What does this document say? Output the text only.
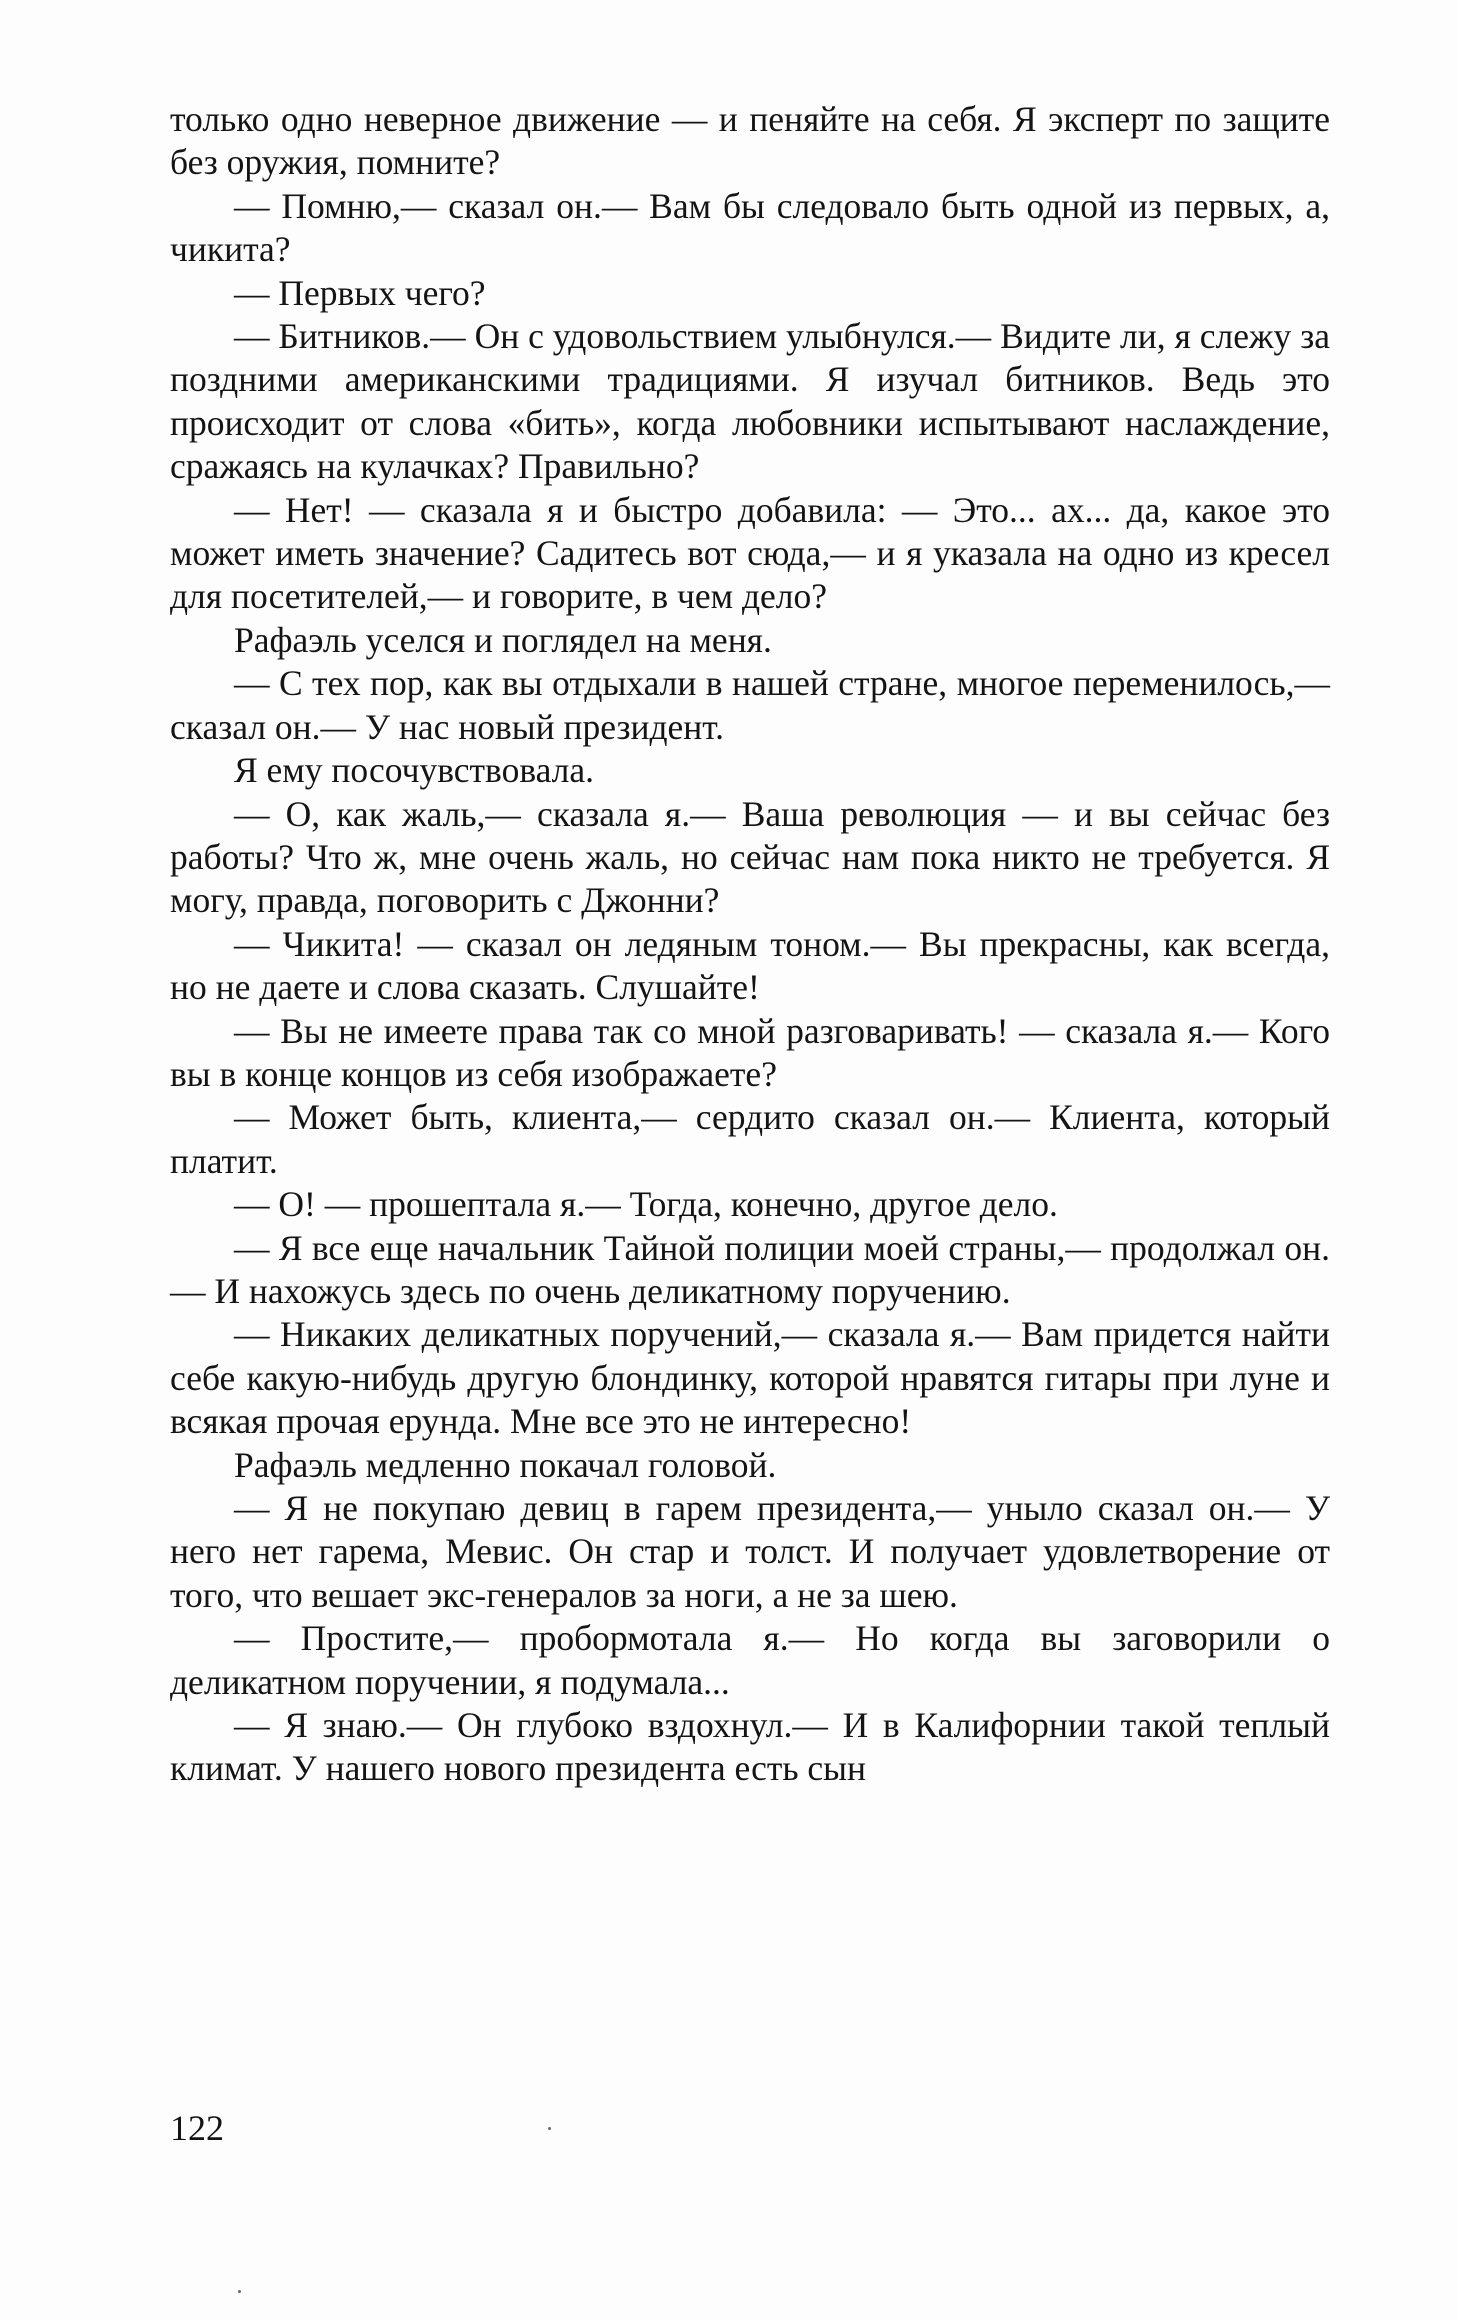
только одно неверное движение — и пеняйте на себя. Я эксперт по защите без оружия, помните?

— Помню,— сказал он.— Вам бы следовало быть одной из первых, а, чикита?

— Первых чего?

— Битников.— Он с удовольствием улыбнулся.— Видите ли, я слежу за поздними американскими традициями. Я изучал битников. Ведь это происходит от слова «бить», когда любовники испытывают наслаждение, сражаясь на кулачках? Правильно?

— Нет! — сказала я и быстро добавила: — Это... ах... да, какое это может иметь значение? Садитесь вот сюда,— и я указала на одно из кресел для посетителей,— и говорите, в чем дело?

Рафаэль уселся и поглядел на меня.

— С тех пор, как вы отдыхали в нашей стране, многое переменилось,— сказал он.— У нас новый президент.

Я ему посочувствовала.

— О, как жаль,— сказала я.— Ваша революция — и вы сейчас без работы? Что ж, мне очень жаль, но сейчас нам пока никто не требуется. Я могу, правда, поговорить с Джонни?

— Чикита! — сказал он ледяным тоном.— Вы прекрасны, как всегда, но не даете и слова сказать. Слушайте!

— Вы не имеете права так со мной разговаривать! — сказала я.— Кого вы в конце концов из себя изображаете?

— Может быть, клиента,— сердито сказал он.— Клиента, который платит.

— О! — прошептала я.— Тогда, конечно, другое дело.

— Я все еще начальник Тайной полиции моей страны,— продолжал он.— И нахожусь здесь по очень деликатному поручению.

— Никаких деликатных поручений,— сказала я.— Вам придется найти себе какую-нибудь другую блондинку, которой нравятся гитары при луне и всякая прочая ерунда. Мне все это не интересно!

Рафаэль медленно покачал головой.

— Я не покупаю девиц в гарем президента,— уныло сказал он.— У него нет гарема, Мевис. Он стар и толст. И получает удовлетворение от того, что вешает экс-генералов за ноги, а не за шею.

— Простите,— пробормотала я.— Но когда вы заговорили о деликатном поручении, я подумала...

— Я знаю.— Он глубоко вздохнул.— И в Калифорнии такой теплый климат. У нашего нового президента есть сын

122
